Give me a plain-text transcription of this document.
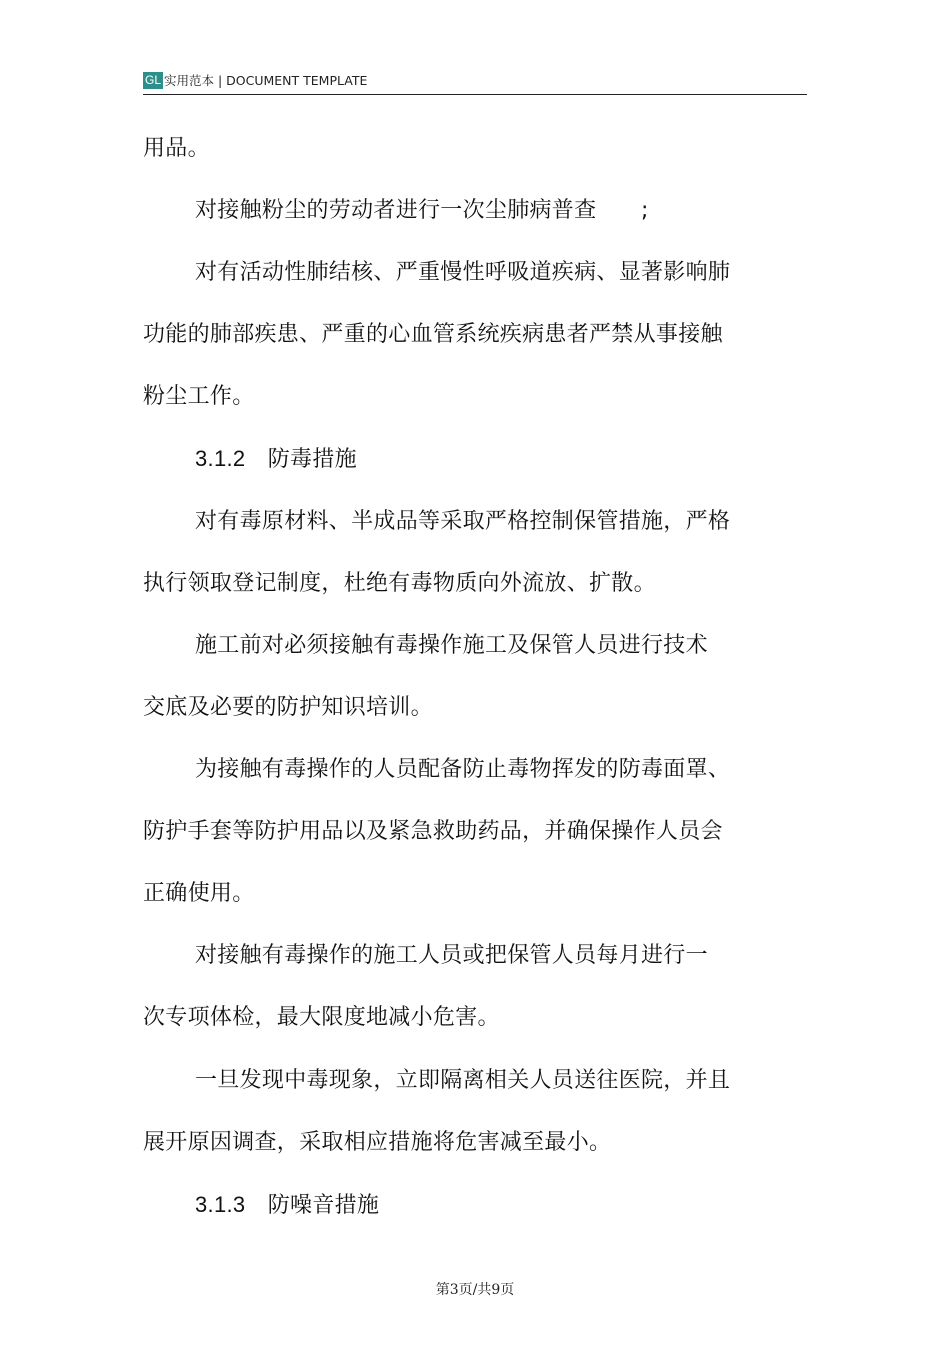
GL 实用范本 | DOCUMENT TEMPLATE
用品。
对接触粉尘的劳动者进行一次尘肺病普查　　;
对有活动性肺结核、严重慢性呼吸道疾病、显著影响肺
功能的肺部疾患、严重的心血管系统疾病患者严禁从事接触
粉尘工作。
3.1.2　防毒措施
对有毒原材料、半成品等采取严格控制保管措施，严格
执行领取登记制度，杜绝有毒物质向外流放、扩散。
施工前对必须接触有毒操作施工及保管人员进行技术
交底及必要的防护知识培训。
为接触有毒操作的人员配备防止毒物挥发的防毒面罩、
防护手套等防护用品以及紧急救助药品，并确保操作人员会
正确使用。
对接触有毒操作的施工人员或把保管人员每月进行一
次专项体检，最大限度地减小危害。
一旦发现中毒现象，立即隔离相关人员送往医院，并且
展开原因调查，采取相应措施将危害减至最小。
3.1.3　防噪音措施
第3页/共9页
